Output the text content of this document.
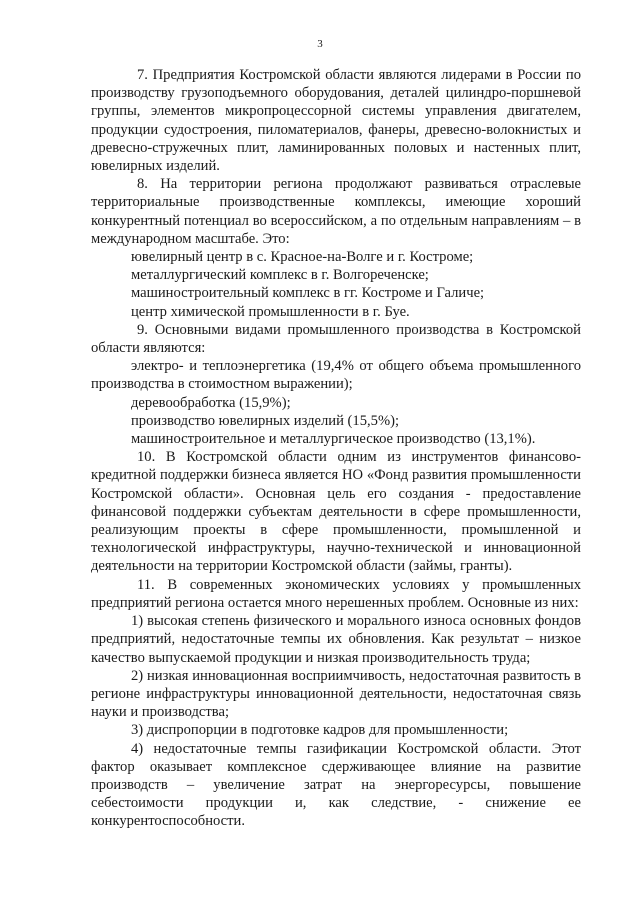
3

7. Предприятия Костромской области являются лидерами в России по производству грузоподъемного оборудования, деталей цилиндро-поршневой группы, элементов микропроцессорной системы управления двигателем, продукции судостроения, пиломатериалов, фанеры, древесно-волокнистых и древесно-стружечных плит, ламинированных половых и настенных плит, ювелирных изделий.

8. На территории региона продолжают развиваться отраслевые территориальные производственные комплексы, имеющие хороший конкурентный потенциал во всероссийском, а по отдельным направлениям – в международном масштабе. Это:

ювелирный центр в с. Красное-на-Волге и г. Костроме;

металлургический комплекс в г. Волгореченске;

машиностроительный комплекс в гг. Костроме и Галиче;

центр химической промышленности в г. Буе.

9. Основными видами промышленного производства в Костромской области являются:

электро- и теплоэнергетика (19,4% от общего объема промышленного производства в стоимостном выражении);

деревообработка (15,9%);

производство ювелирных изделий (15,5%);

машиностроительное и металлургическое производство (13,1%).

10. В Костромской области одним из инструментов финансово-кредитной поддержки бизнеса является НО «Фонд развития промышленности Костромской области». Основная цель его создания - предоставление финансовой поддержки субъектам деятельности в сфере промышленности, реализующим проекты в сфере промышленности, промышленной и технологической инфраструктуры, научно-технической и инновационной деятельности на территории Костромской области (займы, гранты).

11. В современных экономических условиях у промышленных предприятий региона остается много нерешенных проблем. Основные из них:

1) высокая степень физического и морального износа основных фондов предприятий, недостаточные темпы их обновления. Как результат – низкое качество выпускаемой продукции и низкая производительность труда;

2) низкая инновационная восприимчивость, недостаточная развитость в регионе инфраструктуры инновационной деятельности, недостаточная связь науки и производства;

3) диспропорции в подготовке кадров для промышленности;

4) недостаточные темпы газификации Костромской области. Этот фактор оказывает комплексное сдерживающее влияние на развитие производств – увеличение затрат на энергоресурсы, повышение себестоимости продукции и, как следствие, - снижение ее конкурентоспособности.
